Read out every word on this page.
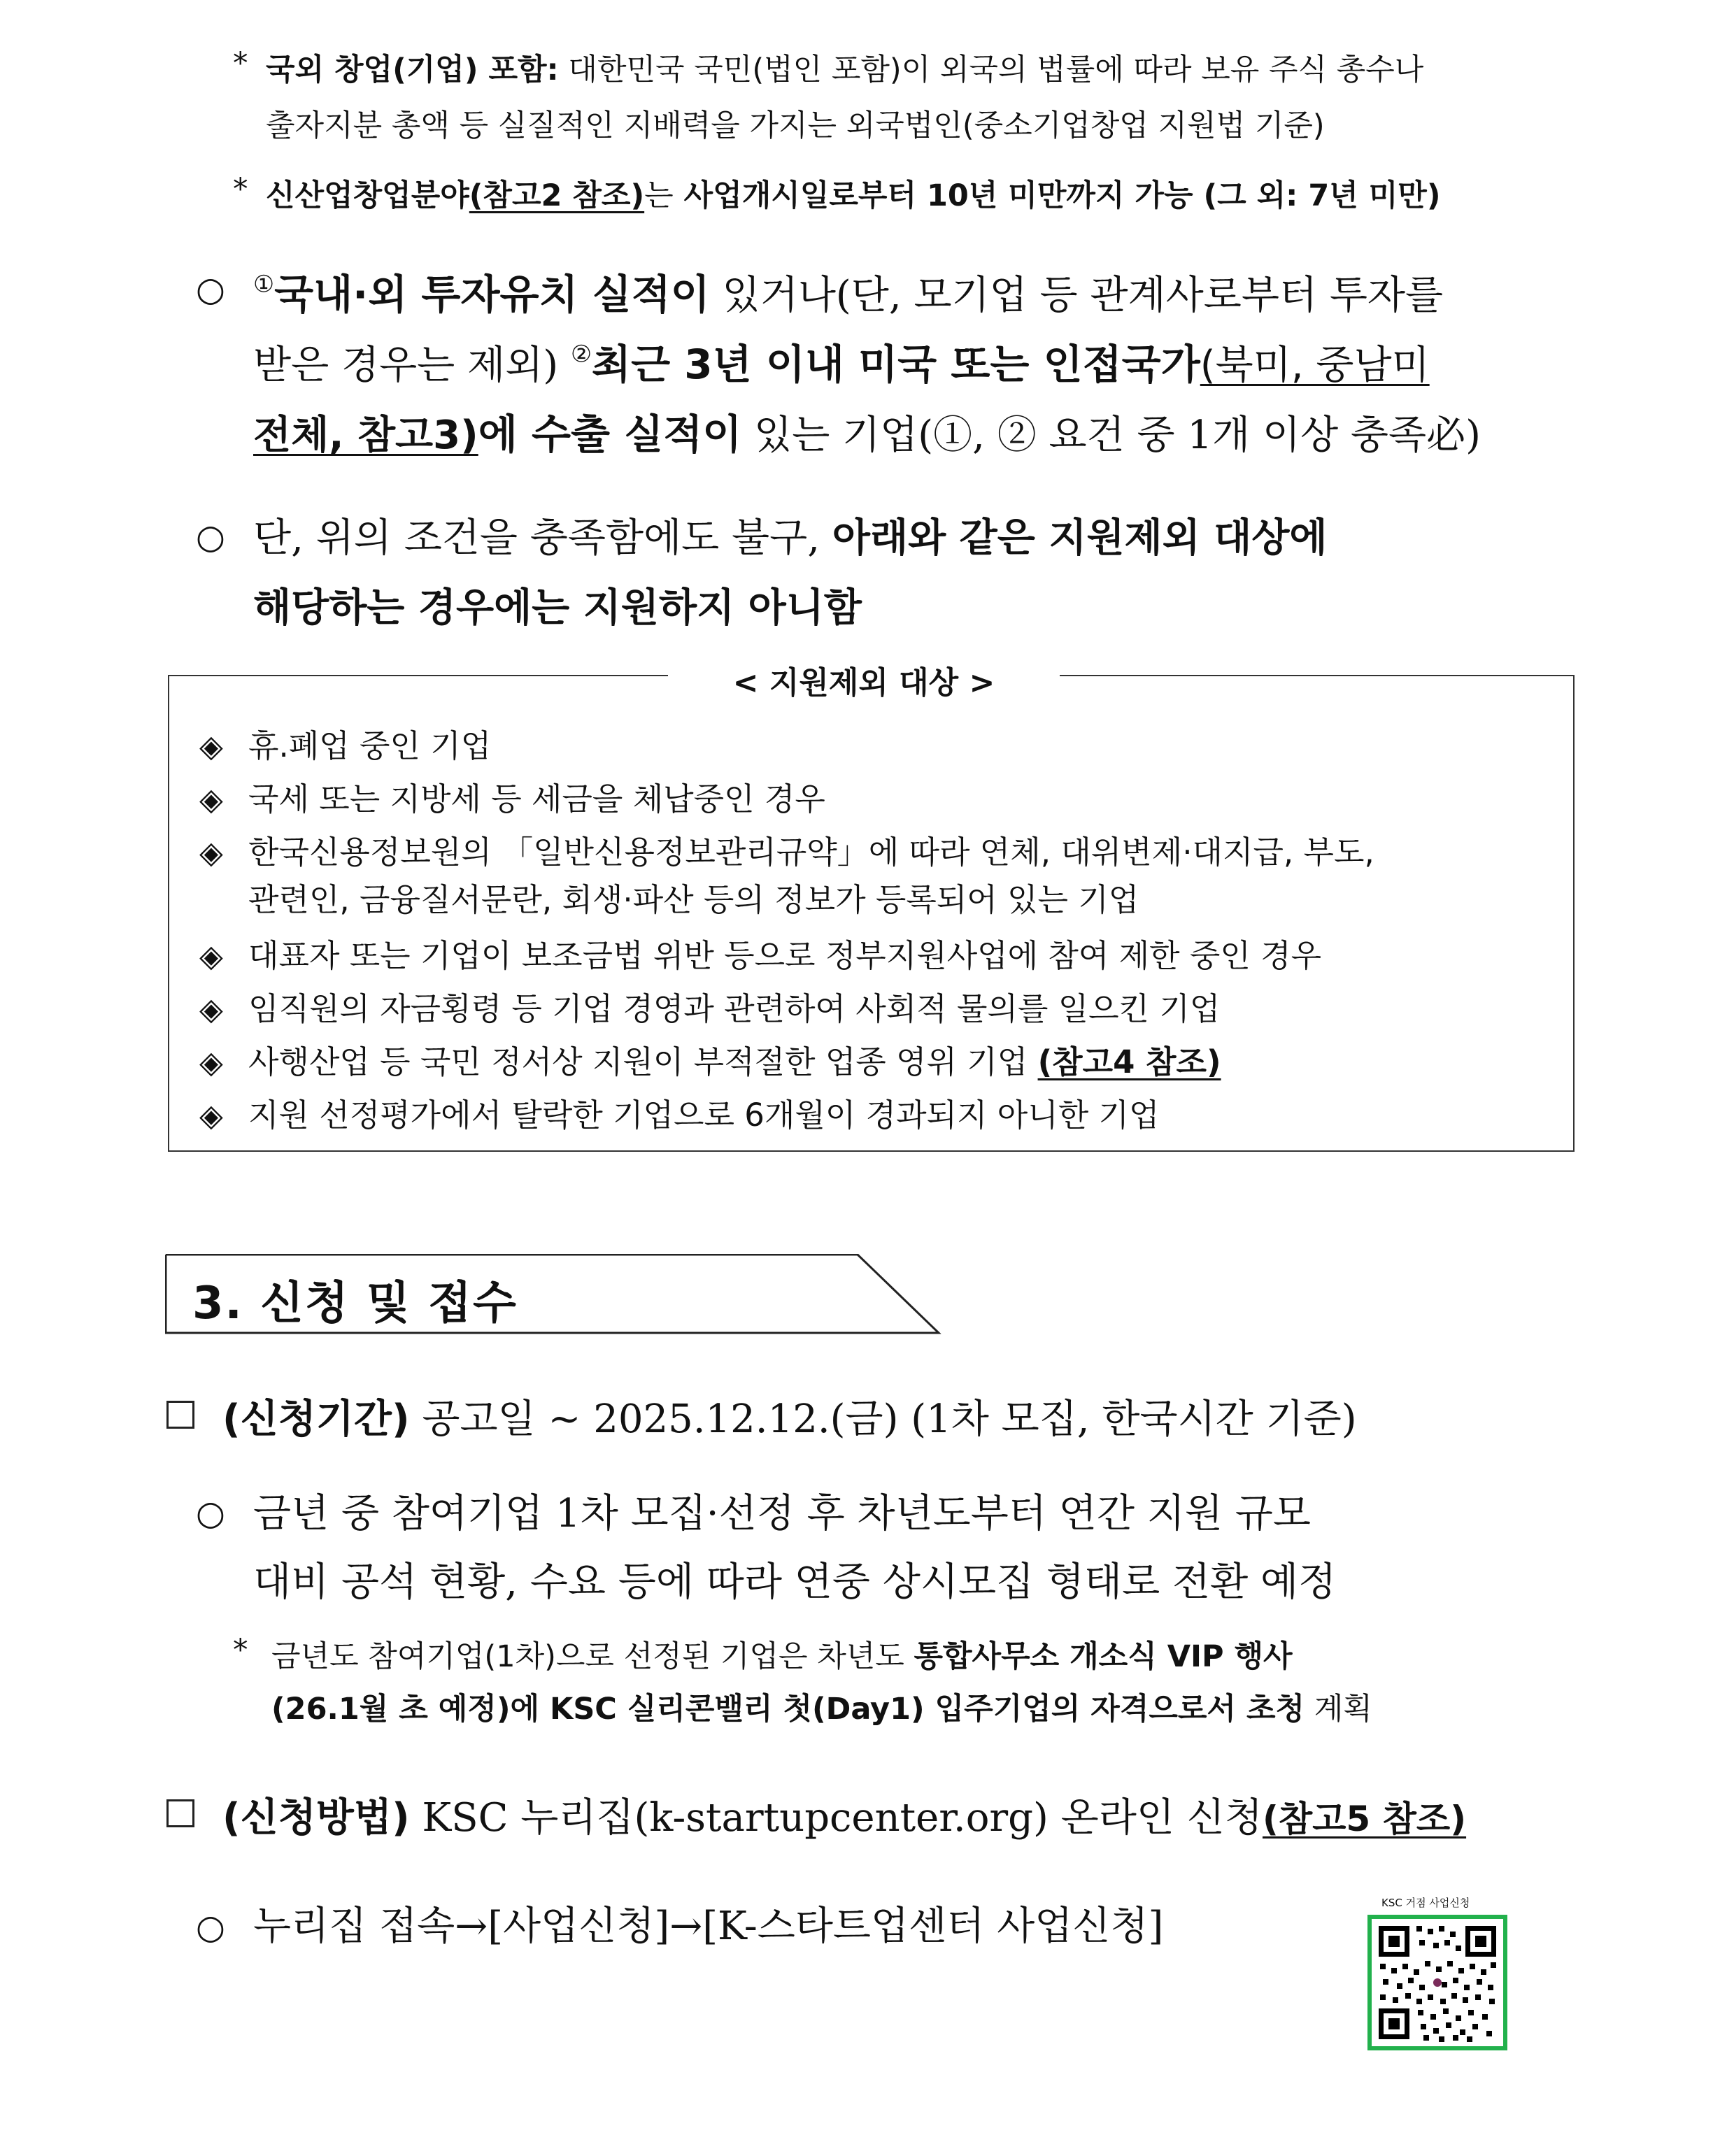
* 국외 창업(기업) 포함: 대한민국 국민(법인 포함)이 외국의 법률에 따라 보유 주식 총수나
출자지분 총액 등 실질적인 지배력을 가지는 외국법인(중소기업창업 지원법 기준)
* 신산업창업분야(참고2 참조)는 사업개시일로부터 10년 미만까지 가능 (그 외: 7년 미만)
○ ①국내·외 투자유치 실적이 있거나(단, 모기업 등 관계사로부터 투자를
받은 경우는 제외) ②최근 3년 이내 미국 또는 인접국가(북미, 중남미
전체, 참고3)에 수출 실적이 있는 기업(①, ② 요건 중 1개 이상 충족必)
○ 단, 위의 조건을 충족함에도 불구, 아래와 같은 지원제외 대상에
해당하는 경우에는 지원하지 아니함
< 지원제외 대상 >
◈ 휴.폐업 중인 기업
◈ 국세 또는 지방세 등 세금을 체납중인 경우
◈ 한국신용정보원의 「일반신용정보관리규약」에 따라 연체, 대위변제·대지급, 부도,
관련인, 금융질서문란, 회생·파산 등의 정보가 등록되어 있는 기업
◈ 대표자 또는 기업이 보조금법 위반 등으로 정부지원사업에 참여 제한 중인 경우
◈ 임직원의 자금횡령 등 기업 경영과 관련하여 사회적 물의를 일으킨 기업
◈ 사행산업 등 국민 정서상 지원이 부적절한 업종 영위 기업 (참고4 참조)
◈ 지원 선정평가에서 탈락한 기업으로 6개월이 경과되지 아니한 기업
3. 신청 및 접수
(신청기간) 공고일 ~ 2025.12.12.(금) (1차 모집, 한국시간 기준)
○ 금년 중 참여기업 1차 모집·선정 후 차년도부터 연간 지원 규모
대비 공석 현황, 수요 등에 따라 연중 상시모집 형태로 전환 예정
* 금년도 참여기업(1차)으로 선정된 기업은 차년도 통합사무소 개소식 VIP 행사
(26.1월 초 예정)에 KSC 실리콘밸리 첫(Day1) 입주기업의 자격으로서 초청 계획
(신청방법) KSC 누리집(k-startupcenter.org) 온라인 신청(참고5 참조)
○ 누리집 접속→[사업신청]→[K-스타트업센터 사업신청]
KSC 거점 사업신청
